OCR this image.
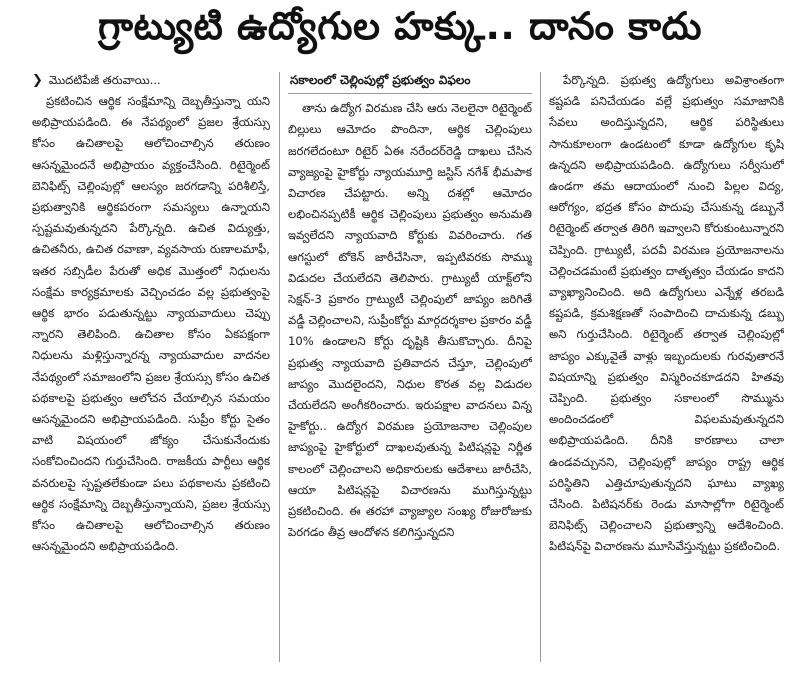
గ్రాట్యుటి ఉద్యోగుల హక్కు.. దానం కాదు
❯ మొదటిపేజీ తరువాయి...

ప్రకటించిన ఆర్థిక సంక్షేమాన్ని దెబ్బతీస్తున్నా యని అభిప్రాయపడింది. ఈ నేపథ్యంలో ప్రజల శ్రేయస్సు కోసం ఉచితాలపై ఆలోచించాల్సిన తరుణం ఆసన్నమైందనే అభిప్రాయం వ్యక్తంచేసింది. రిటైర్మెంట్ బెనిఫిట్స్ చెల్లింపుల్లో ఆలస్యం జరగడాన్ని పరిశీలిస్తే, ప్రభుత్వానికి ఆర్థికపరంగా సమస్యలు ఉన్నాయని స్పష్టమవుతున్నదని పేర్కొన్నది. ఉచిత విద్యుత్తు, ఉచితనీరు, ఉచిత రవాణా, వ్యవసాయ రుణాలమాఫీ, ఇతర సబ్సిడీల పేరుతో అధిక మొత్తంలో నిధులను సంక్షేమ కార్యక్రమాలకు వెచ్చించడం వల్ల ప్రభుత్వంపై ఆర్థిక భారం పడుతున్నట్టు న్యాయవాదులు చెప్పు న్నారని తెలిపింది. ఉచితాల కోసం ఏకపక్షంగా నిధులను మళ్లిస్తున్నారన్న న్యాయవాదుల వాదనల నేపథ్యంలో సమాజంలోని ప్రజల శ్రేయస్సు కోసం ఉచిత పథకాలపై ప్రభుత్వం ఆలోచన చేయాల్సిన సమయం ఆసన్నమైందని అభిప్రాయపడింది. సుప్రీం కోర్టు సైతం వాటి విషయంలో జోక్యం చేసుకునేందుకు సంకోచించిందని గుర్తుచేసింది. రాజకీయ పార్టీలు ఆర్థిక వనరులపై స్పష్టతలేకుండా పలు పథకాలను ప్రకటించి ఆర్థిక సంక్షేమాన్ని దెబ్బతీస్తున్నాయని, ప్రజల శ్రేయస్సు కోసం ఉచితాలపై ఆలోచించాల్సిన తరుణం ఆసన్నమైందని అభిప్రాయపడింది.

సకాలంలో చెల్లింపుల్లో ప్రభుత్వం విఫలం

తాను ఉద్యోగ విరమణ చేసి ఆరు నెలలైనా రిటైర్మెంట్ బిల్లులు ఆమోదం పొందినా, ఆర్థిక చెల్లింపులు జరగలేదంటూ రిటైర్ ఏఈ నరేందర్‌రెడ్డి దాఖలు చేసిన వ్యాజ్యంపై హైకోర్టు న్యాయమూర్తి జస్టిస్ నగేశ్ భీమపాక విచారణ చేపట్టారు. అన్ని దశల్లో ఆమోదం లభించినప్పటికీ ఆర్థిక చెల్లింపులు ప్రభుత్వం అనుమతి ఇవ్వలేదని న్యాయవాది కోర్టుకు వివరించారు. గత ఆగస్టులో టోకెన్ జారీచేసినా, ఇప్పటివరకు సొమ్ము విడుదల చేయలేదని తెలిపారు. గ్రాట్యుటీ యాక్ట్‌లోని సెక్షన్-3 ప్రకారం గ్రాట్యుటీ చెల్లింపులో జాప్యం జరిగితే వడ్డీ చెల్లించాలని, సుప్రీంకోర్టు మార్గదర్శకాల ప్రకారం వడ్డీ 10% ఉండాలని కోర్టు దృష్టికి తీసుకొచ్చారు. దీనిపై ప్రభుత్వ న్యాయవాది ప్రతివాదన చేస్తూ, చెల్లింపులో జాప్యం మొదలైందని, నిధుల కొరత వల్ల విడుదల చేయలేదని అంగీకరించారు. ఇరుపక్షాల వాదనలు విన్న హైకోర్టు.. ఉద్యోగ విరమణ ప్రయోజనాల చెల్లింపుల జాప్యంపై హైకోర్టులో దాఖలవుతున్న పిటిషన్లపై నిర్ణీత కాలంలో చెల్లించాలని అధికారులకు ఆదేశాలు జారీచేసి, ఆయా పిటిషన్లపై విచారణను ముగిస్తున్నట్టు ప్రకటించింది. ఈ తరహా వ్యాజ్యాల సంఖ్య రోజురోజుకు పెరగడం తీవ్ర ఆందోళన కలిగిస్తున్నదని

పేర్కొన్నది. ప్రభుత్వ ఉద్యోగులు అవిశ్రాంతంగా కష్టపడి పనిచేయడం వల్లే ప్రభుత్వం సమాజానికి సేవలు అందిస్తున్నదని, ఆర్థిక పరిస్థితులు సానుకూలంగా ఉండటంలో కూడా ఉద్యోగుల కృషి ఉన్నదని అభిప్రాయపడింది. ఉద్యోగులు సర్వీసులో ఉండగా తమ ఆదాయంలో నుంచి పిల్లల విద్య, ఆరోగ్యం, భద్రత కోసం పొదుపు చేసుకున్న డబ్బునే రిటైర్మెంట్ తర్వాత తిరిగి ఇవ్వాలని కోరుకుంటున్నారని చెప్పింది. గ్రాట్యుటీ, పదవీ విరమణ ప్రయోజనాలను చెల్లించడమంటే ప్రభుత్వం దాతృత్వం చేయడం కాదని వ్యాఖ్యానించింది. అది ఉద్యోగులు ఎన్నేళ్ల తరబడి కష్టపడి, క్రమశిక్షణతో సంపాదించి దాచుకున్న డబ్బు అని గుర్తుచేసింది. రిటైర్మెంట్ తర్వాత చెల్లింపుల్లో జాప్యం ఎక్కువైతే వాళ్లు ఇబ్బందులకు గురవుతారనే విషయాన్ని ప్రభుత్వం విస్మరించకూడదని హితవు చెప్పింది. ప్రభుత్వం సకాలంలో సొమ్మును అందించడంలో విఫలమవుతున్నదని అభిప్రాయపడింది. దీనికి కారణాలు చాలా ఉండవచ్చునని, చెల్లింపుల్లో జాప్యం రాష్ట్ర ఆర్థిక పరిస్థితిని ఎత్తిచూపుతున్నదని ఘాటు వ్యాఖ్య చేసింది. పిటిషనర్‌కు రెండు మాసాల్లోగా రిటైర్మెంట్ బెనిఫిట్స్ చెల్లించాలని ప్రభుత్వాన్ని ఆదేశించింది. పిటిషన్‌పై విచారణను మూసివేస్తున్నట్టు ప్రకటించింది.
